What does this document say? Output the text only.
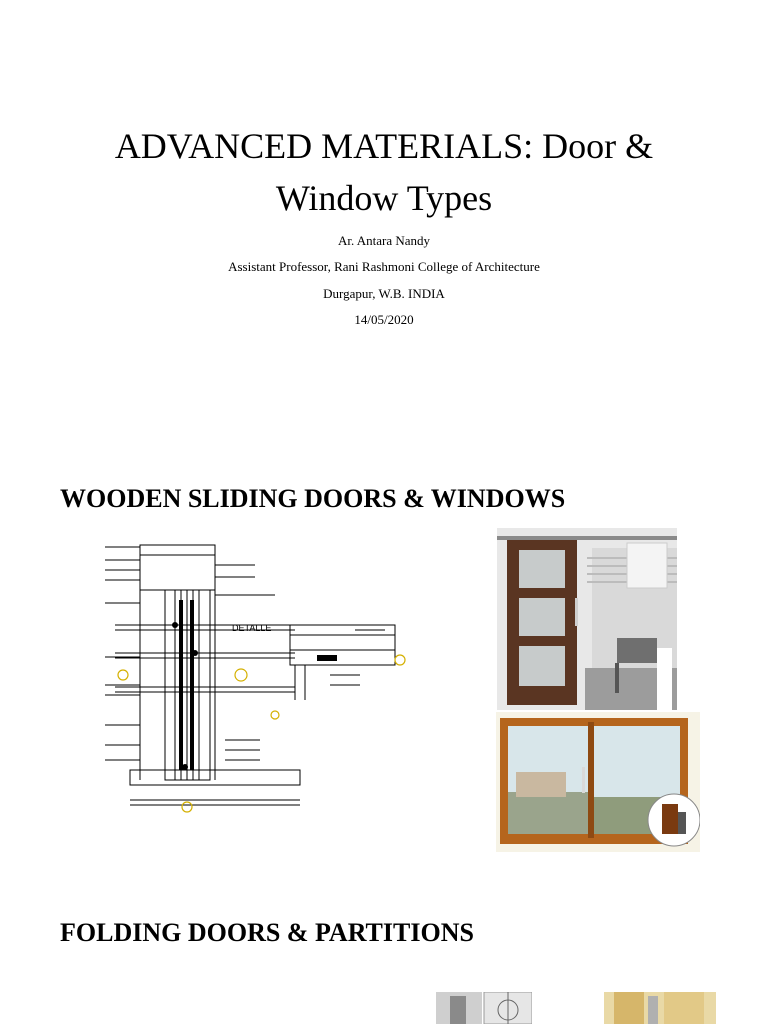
ADVANCED MATERIALS: Door & Window Types
Ar. Antara Nandy
Assistant Professor, Rani Rashmoni College of Architecture
Durgapur, W.B. INDIA
14/05/2020
WOODEN SLIDING DOORS & WINDOWS
DETALLE
FOLDING DOORS & PARTITIONS
